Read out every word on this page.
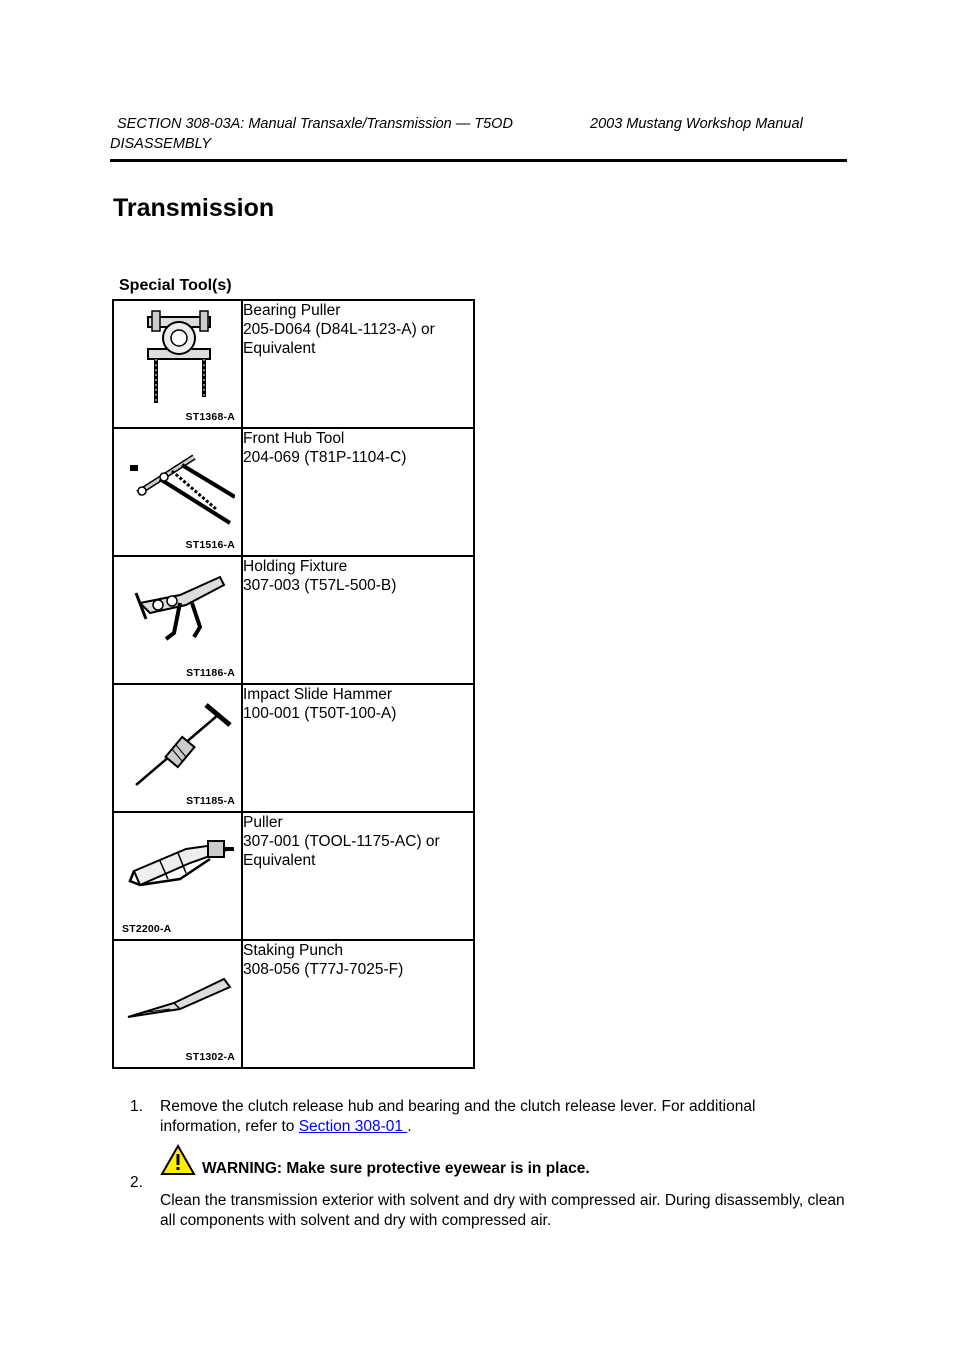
SECTION 308-03A: Manual Transaxle/Transmission — T5OD	2003 Mustang Workshop Manual
DISASSEMBLY
Transmission
Special Tool(s)
ST1368-A	Bearing Puller
205-D064 (D84L-1123-A) or
Equivalent

ST1516-A	Front Hub Tool
204-069 (T81P-1104-C)

ST1186-A	Holding Fixture
307-003 (T57L-500-B)

ST1185-A	Impact Slide Hammer
100-001 (T50T-100-A)

ST2200-A	Puller
307-001 (TOOL-1175-AC) or
Equivalent

ST1302-A	Staking Punch
308-056 (T77J-7025-F)
1. Remove the clutch release hub and bearing and the clutch release lever. For additional
information, refer to Section 308-01 .
2.
WARNING: Make sure protective eyewear is in place.
Clean the transmission exterior with solvent and dry with compressed air. During disassembly, clean all components with solvent and dry with compressed air.
